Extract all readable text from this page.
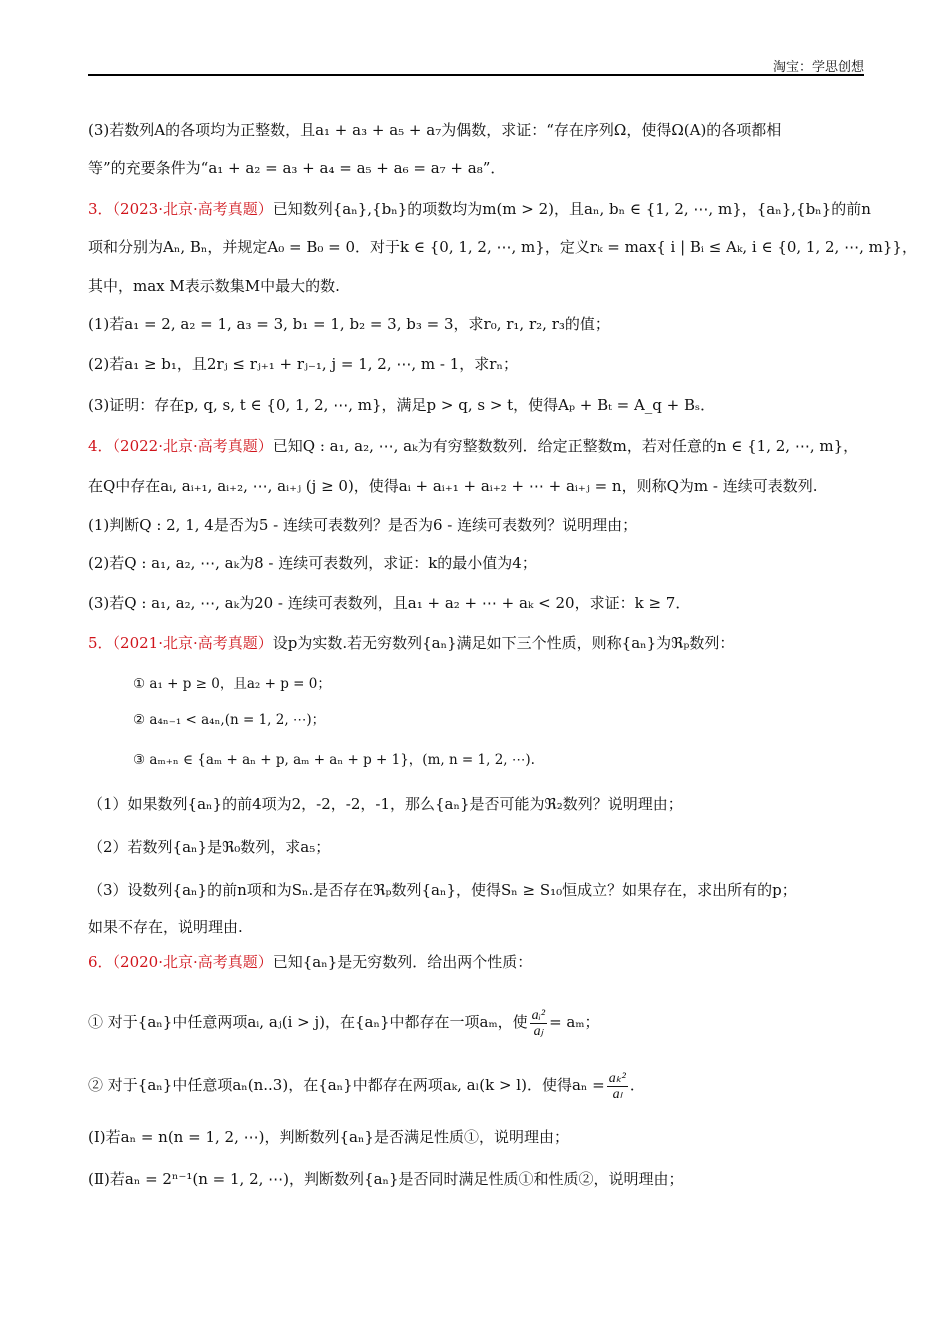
淘宝：学思创想
(3)若数列A的各项均为正整数，且a₁ + a₃ + a₅ + a₇为偶数，求证：“存在序列Ω，使得Ω(A)的各项都相
等”的充要条件为“a₁ + a₂ = a₃ + a₄ = a₅ + a₆ = a₇ + a₈”．
3．（2023·北京·高考真题）已知数列{aₙ},{bₙ}的项数均为m(m > 2)，且aₙ, bₙ ∈ {1, 2, ⋯, m}，{aₙ},{bₙ}的前n
项和分别为Aₙ, Bₙ，并规定A₀ = B₀ = 0．对于k ∈ {0, 1, 2, ⋯, m}，定义rₖ = max{ i | Bᵢ ≤ Aₖ, i ∈ {0, 1, 2, ⋯, m}}，
其中，max M表示数集M中最大的数.
(1)若a₁ = 2, a₂ = 1, a₃ = 3, b₁ = 1, b₂ = 3, b₃ = 3，求r₀, r₁, r₂, r₃的值；
(2)若a₁ ≥ b₁，且2rⱼ ≤ rⱼ₊₁ + rⱼ₋₁, j = 1, 2, ⋯, m - 1，求rₙ；
(3)证明：存在p, q, s, t ∈ {0, 1, 2, ⋯, m}，满足p > q, s > t，使得Aₚ + Bₜ = A_q + Bₛ．
4．（2022·北京·高考真题）已知Q : a₁, a₂, ⋯, aₖ为有穷整数数列．给定正整数m，若对任意的n ∈ {1, 2, ⋯, m}，
在Q中存在aᵢ, aᵢ₊₁, aᵢ₊₂, ⋯, aᵢ₊ⱼ (j ≥ 0)，使得aᵢ + aᵢ₊₁ + aᵢ₊₂ + ⋯ + aᵢ₊ⱼ = n，则称Q为m - 连续可表数列.
(1)判断Q : 2, 1, 4是否为5 - 连续可表数列？是否为6 - 连续可表数列？说明理由；
(2)若Q : a₁, a₂, ⋯, aₖ为8 - 连续可表数列，求证：k的最小值为4；
(3)若Q : a₁, a₂, ⋯, aₖ为20 - 连续可表数列，且a₁ + a₂ + ⋯ + aₖ < 20，求证：k ≥ 7．
5．（2021·北京·高考真题）设p为实数.若无穷数列{aₙ}满足如下三个性质，则称{aₙ}为ℜₚ数列：
① a₁ + p ≥ 0，且a₂ + p = 0；
② a₄ₙ₋₁ < a₄ₙ,(n = 1, 2, ⋯)；
③ aₘ₊ₙ ∈ {aₘ + aₙ + p, aₘ + aₙ + p + 1}，(m, n = 1, 2, ⋯).
（1）如果数列{aₙ}的前4项为2，-2，-2，-1，那么{aₙ}是否可能为ℜ₂数列？说明理由；
（2）若数列{aₙ}是ℜ₀数列，求a₅；
（3）设数列{aₙ}的前n项和为Sₙ.是否存在ℜₚ数列{aₙ}，使得Sₙ ≥ S₁₀恒成立？如果存在，求出所有的p；
如果不存在，说明理由.
6．（2020·北京·高考真题）已知{aₙ}是无穷数列．给出两个性质：
① 对于{aₙ}中任意两项aᵢ, aⱼ(i > j)，在{aₙ}中都存在一项aₘ，使 $\frac{\text{aᵢ²}}{\text{aⱼ}} = a_m$；
② 对于{aₙ}中任意项aₙ(n..3)，在{aₙ}中都存在两项aₖ, aₗ(k > l)．使得$a_n = \frac{\text{aₖ²}}{\text{aₗ}}$ ．
(Ⅰ)若aₙ = n(n = 1, 2, ⋯)，判断数列{aₙ}是否满足性质①，说明理由；
(Ⅱ)若aₙ = 2ⁿ⁻¹(n = 1, 2, ⋯)，判断数列{aₙ}是否同时满足性质①和性质②，说明理由；
